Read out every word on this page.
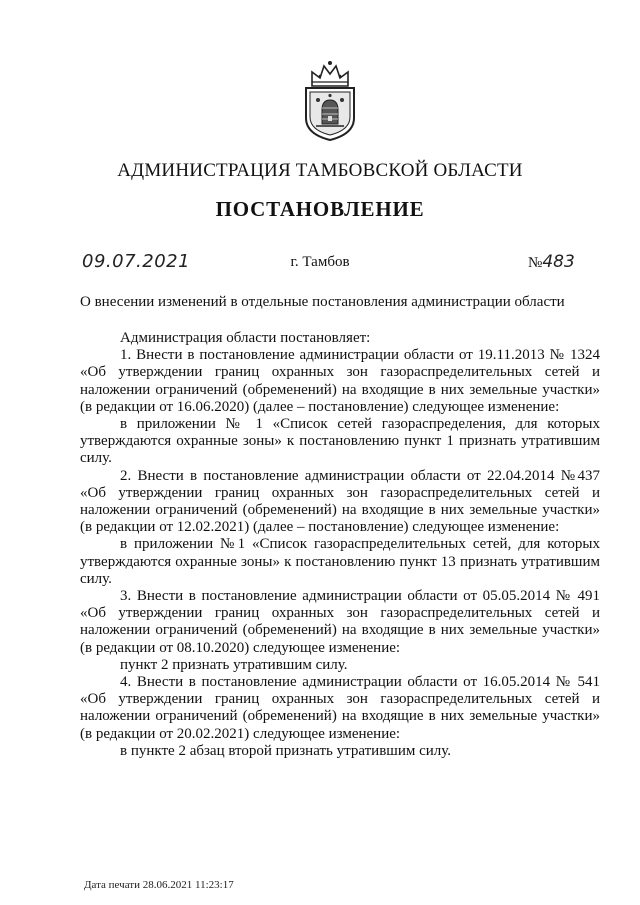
АДМИНИСТРАЦИЯ ТАМБОВСКОЙ ОБЛАСТИ
ПОСТАНОВЛЕНИЕ
09.07.2021	г. Тамбов	№483
О внесении изменений в отдельные постановления администрации области

Администрация области постановляет:

1. Внести в постановление администрации области от 19.11.2013 № 1324 «Об утверждении границ охранных зон газораспределительных сетей и наложении ограничений (обременений) на входящие в них земельные участки» (в редакции от 16.06.2020) (далее – постановление) следующее изменение:

в приложении № 1 «Список сетей газораспределения, для которых утверждаются охранные зоны» к постановлению пункт 1 признать утратившим силу.

2. Внести в постановление администрации области от 22.04.2014 №437 «Об утверждении границ охранных зон газораспределительных сетей и наложении ограничений (обременений) на входящие в них земельные участки» (в редакции от 12.02.2021) (далее – постановление) следующее изменение:

в приложении №1 «Список газораспределительных сетей, для которых утверждаются охранные зоны» к постановлению пункт 13 признать утратившим силу.

3. Внести в постановление администрации области от 05.05.2014 № 491 «Об утверждении границ охранных зон газораспределительных сетей и наложении ограничений (обременений) на входящие в них земельные участки» (в редакции от 08.10.2020) следующее изменение:

пункт 2 признать утратившим силу.

4. Внести в постановление администрации области от 16.05.2014 № 541 «Об утверждении границ охранных зон газораспределительных сетей и наложении ограничений (обременений) на входящие в них земельные участки» (в редакции от 20.02.2021) следующее изменение:

в пункте 2 абзац второй признать утратившим силу.

Дата печати 28.06.2021 11:23:17
